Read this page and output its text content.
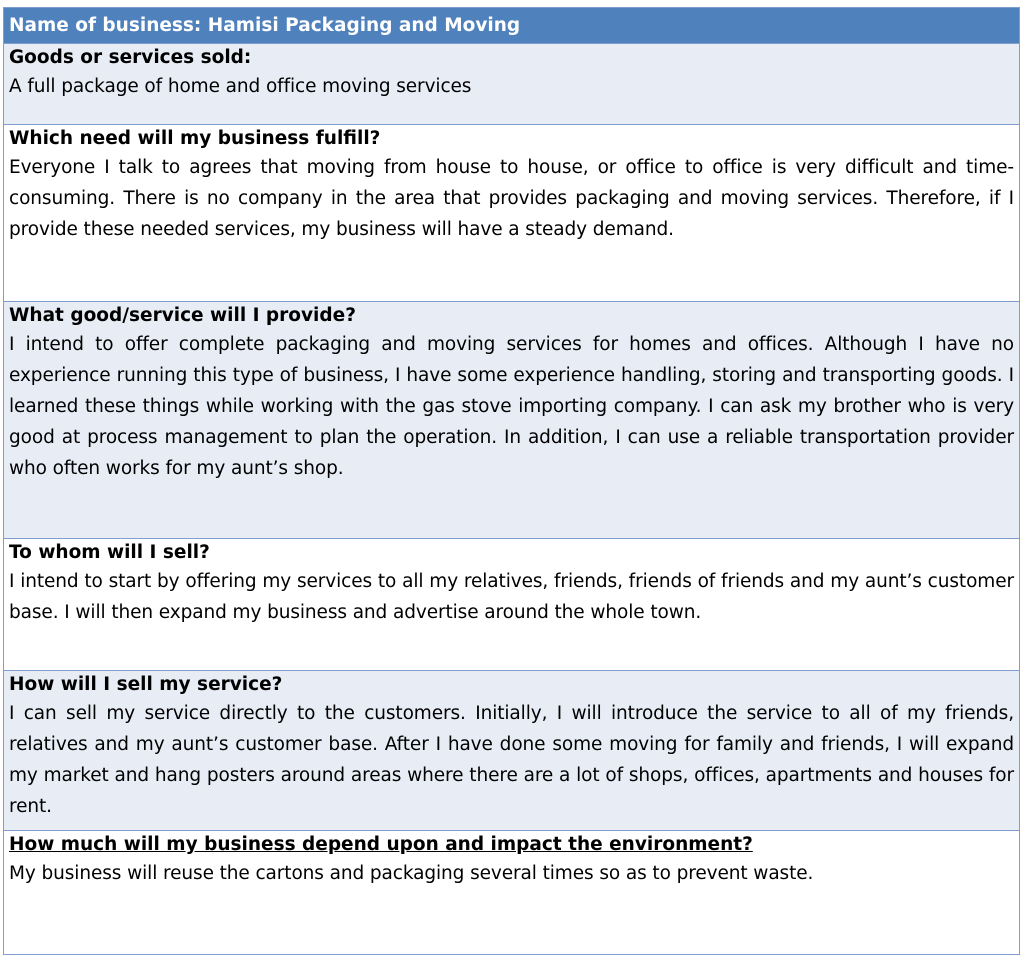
Name of business: Hamisi Packaging and Moving
Goods or services sold:
A full package of home and office moving services
Which need will my business fulfill?
Everyone I talk to agrees that moving from house to house, or office to office is very difficult and time-consuming. There is no company in the area that provides packaging and moving services. Therefore, if I provide these needed services, my business will have a steady demand.
What good/service will I provide?
I intend to offer complete packaging and moving services for homes and offices. Although I have no experience running this type of business, I have some experience handling, storing and transporting goods. I learned these things while working with the gas stove importing company. I can ask my brother who is very good at process management to plan the operation. In addition, I can use a reliable transportation provider who often works for my aunt’s shop.
To whom will I sell?
I intend to start by offering my services to all my relatives, friends, friends of friends and my aunt’s customer base. I will then expand my business and advertise around the whole town.
How will I sell my service?
I can sell my service directly to the customers. Initially, I will introduce the service to all of my friends, relatives and my aunt’s customer base. After I have done some moving for family and friends, I will expand my market and hang posters around areas where there are a lot of shops, offices, apartments and houses for rent.
How much will my business depend upon and impact the environment?
My business will reuse the cartons and packaging several times so as to prevent waste.
